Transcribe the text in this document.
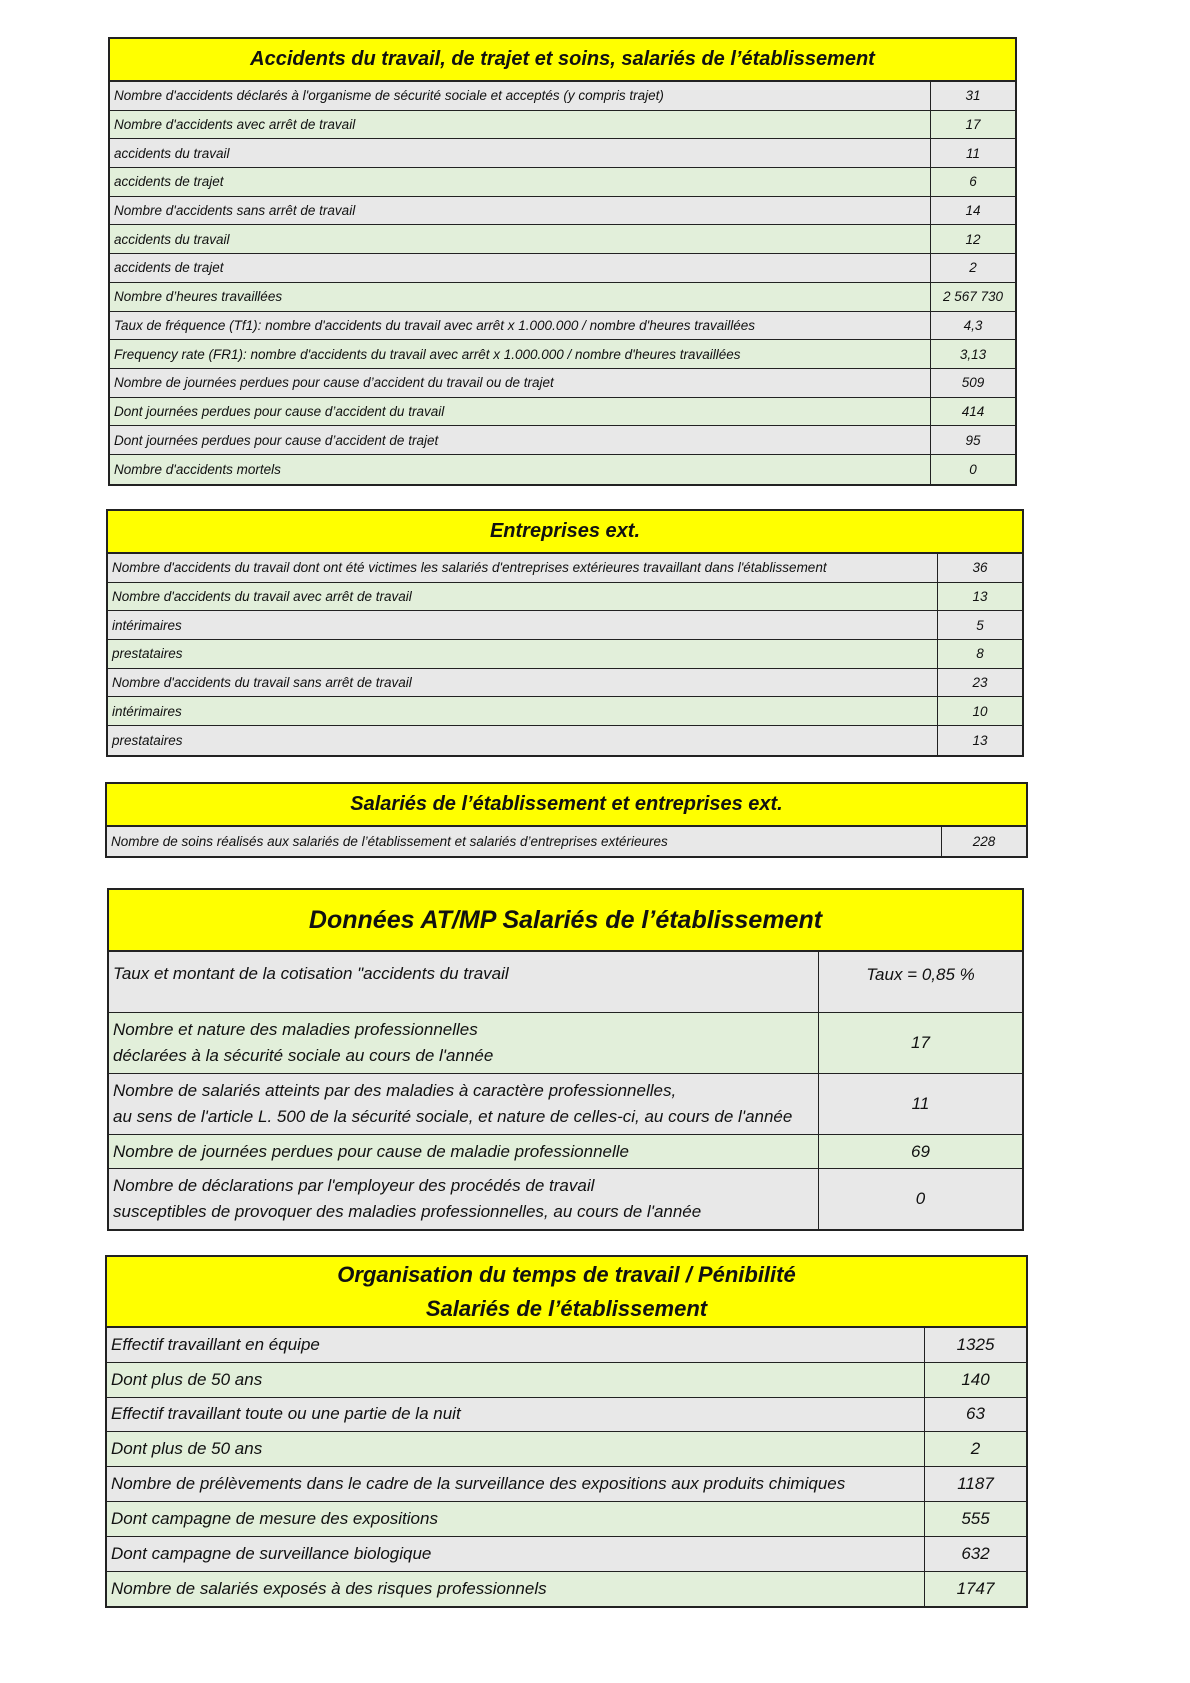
Accidents du travail, de trajet et soins, salariés de l’établissement
Nombre d'accidents déclarés à l'organisme de sécurité sociale et acceptés (y compris trajet)	31
Nombre d'accidents avec arrêt de travail	17
accidents du travail	11
accidents de trajet	6
Nombre d'accidents sans arrêt de travail	14
accidents du travail	12
accidents de trajet	2
Nombre d’heures travaillées	2 567 730
Taux de fréquence (Tf1): nombre d'accidents du travail avec arrêt x 1.000.000 / nombre d'heures travaillées	4,3
Frequency rate (FR1): nombre d'accidents du travail avec arrêt x 1.000.000 / nombre d'heures travaillées	3,13
Nombre de journées perdues pour cause d’accident du travail ou de trajet	509
Dont journées perdues pour cause d’accident du travail	414
Dont journées perdues pour cause d’accident de trajet	95
Nombre d'accidents mortels	0
Entreprises ext.
Nombre d'accidents du travail dont ont été victimes les salariés d'entreprises extérieures travaillant dans l'établissement	36
Nombre d'accidents du travail avec arrêt de travail	13
intérimaires	5
prestataires	8
Nombre d'accidents du travail sans arrêt de travail	23
intérimaires	10
prestataires	13
Salariés de l’établissement et entreprises ext.
Nombre de soins réalisés aux salariés de l’établissement et salariés d’entreprises extérieures	228
Données AT/MP Salariés de l’établissement
Taux et montant de la cotisation "accidents du travail	Taux = 0,85 %
Nombre et nature des maladies professionnelles
déclarées à la sécurité sociale au cours de l'année
17
Nombre de salariés atteints par des maladies à caractère professionnelles,
au sens de l'article L. 500 de la sécurité sociale, et nature de celles-ci, au cours de l'année
11
Nombre de journées perdues pour cause de maladie professionnelle	69
Nombre de déclarations par l'employeur des procédés de travail
susceptibles de provoquer des maladies professionnelles, au cours de l'année
0
Organisation du temps de travail / Pénibilité
Salariés de l’établissement
Effectif travaillant en équipe	1325
Dont plus de 50 ans	140
Effectif travaillant toute ou une partie de la nuit	63
Dont plus de 50 ans	2
Nombre de prélèvements dans le cadre de la surveillance des expositions aux produits chimiques	1187
Dont campagne de mesure des expositions	555
Dont campagne de surveillance biologique	632
Nombre de salariés exposés à des risques professionnels	1747
